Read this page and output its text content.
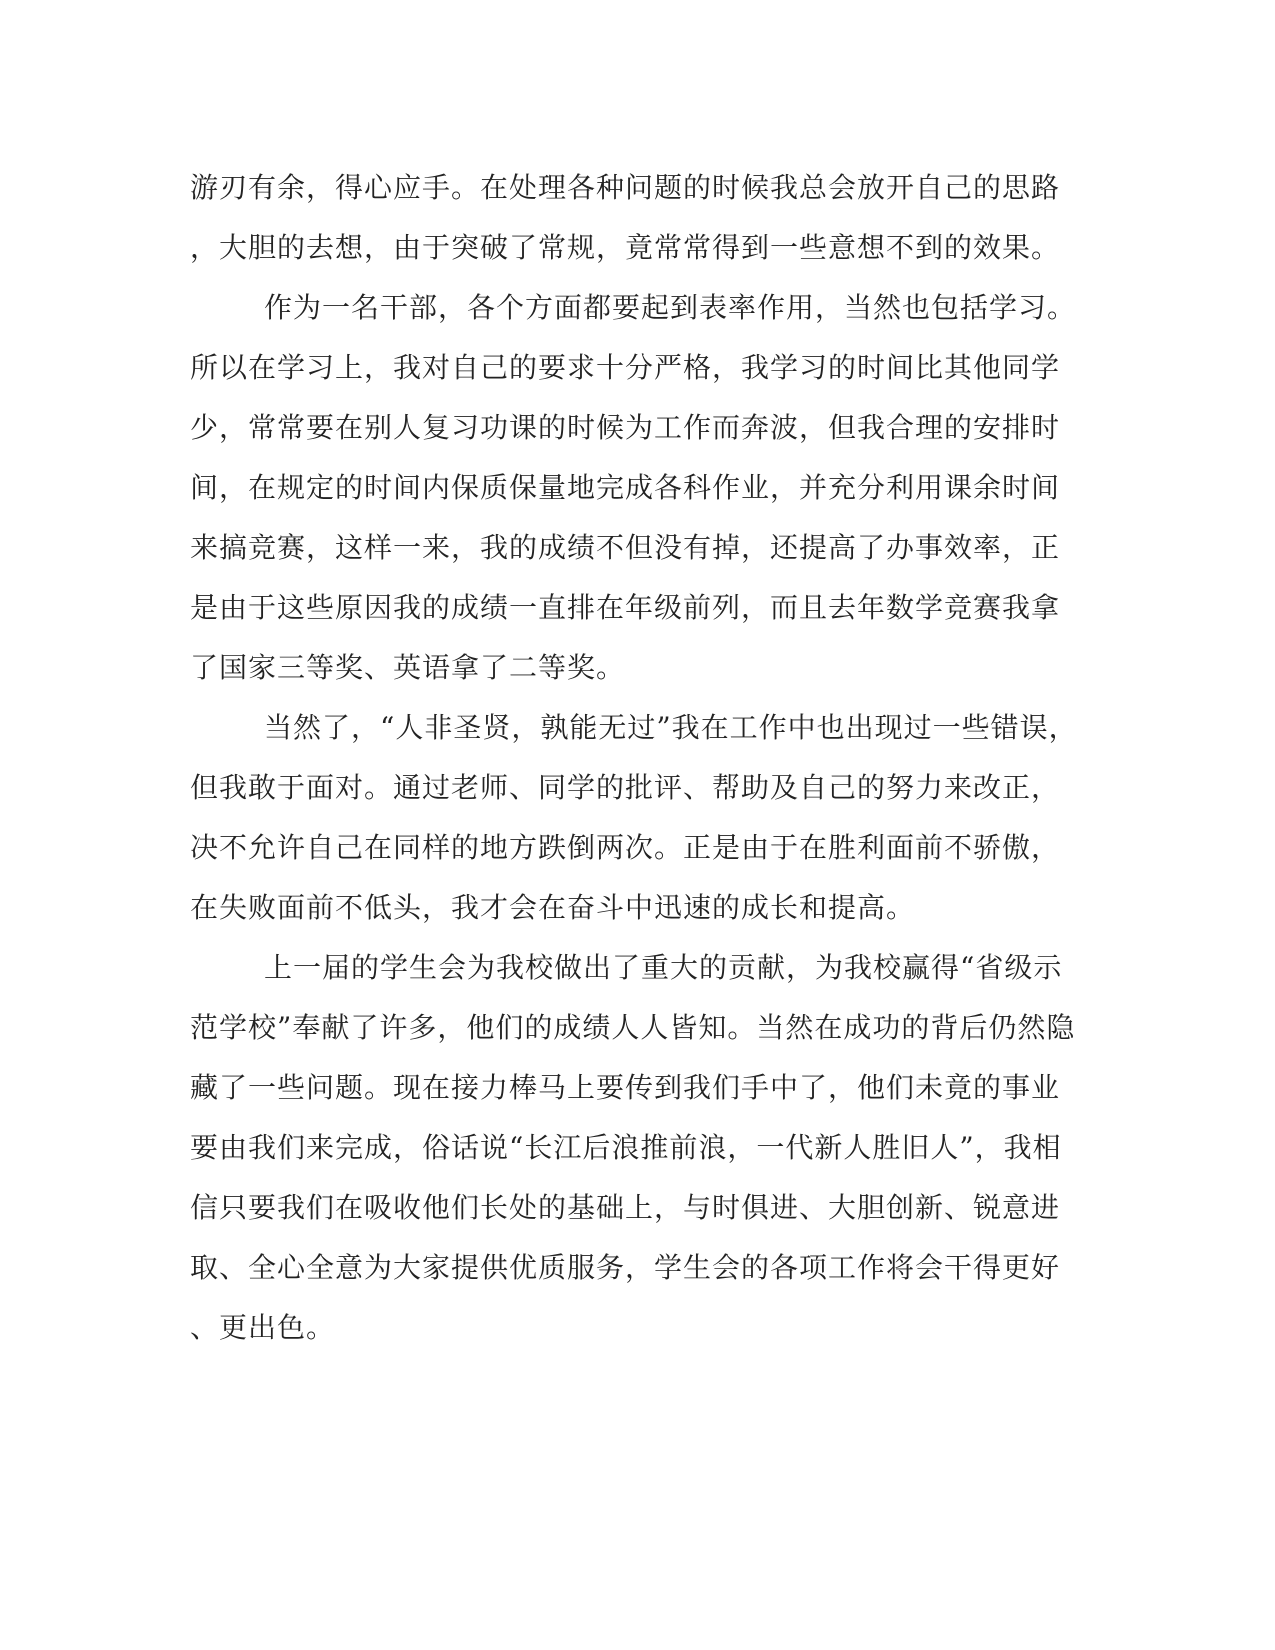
游刃有余，得心应手。在处理各种问题的时候我总会放开自己的思路
，大胆的去想，由于突破了常规，竟常常得到一些意想不到的效果。
作为一名干部，各个方面都要起到表率作用，当然也包括学习。
所以在学习上，我对自己的要求十分严格，我学习的时间比其他同学
少，常常要在别人复习功课的时候为工作而奔波，但我合理的安排时
间，在规定的时间内保质保量地完成各科作业，并充分利用课余时间
来搞竞赛，这样一来，我的成绩不但没有掉，还提高了办事效率，正
是由于这些原因我的成绩一直排在年级前列，而且去年数学竞赛我拿
了国家三等奖、英语拿了二等奖。
当然了，“人非圣贤，孰能无过”我在工作中也出现过一些错误，
但我敢于面对。通过老师、同学的批评、帮助及自己的努力来改正，
决不允许自己在同样的地方跌倒两次。正是由于在胜利面前不骄傲，
在失败面前不低头，我才会在奋斗中迅速的成长和提高。
上一届的学生会为我校做出了重大的贡献，为我校赢得“省级示
范学校”奉献了许多，他们的成绩人人皆知。当然在成功的背后仍然隐
藏了一些问题。现在接力棒马上要传到我们手中了，他们未竟的事业
要由我们来完成，俗话说“长江后浪推前浪，一代新人胜旧人”，我相
信只要我们在吸收他们长处的基础上，与时俱进、大胆创新、锐意进
取、全心全意为大家提供优质服务，学生会的各项工作将会干得更好
、更出色。
